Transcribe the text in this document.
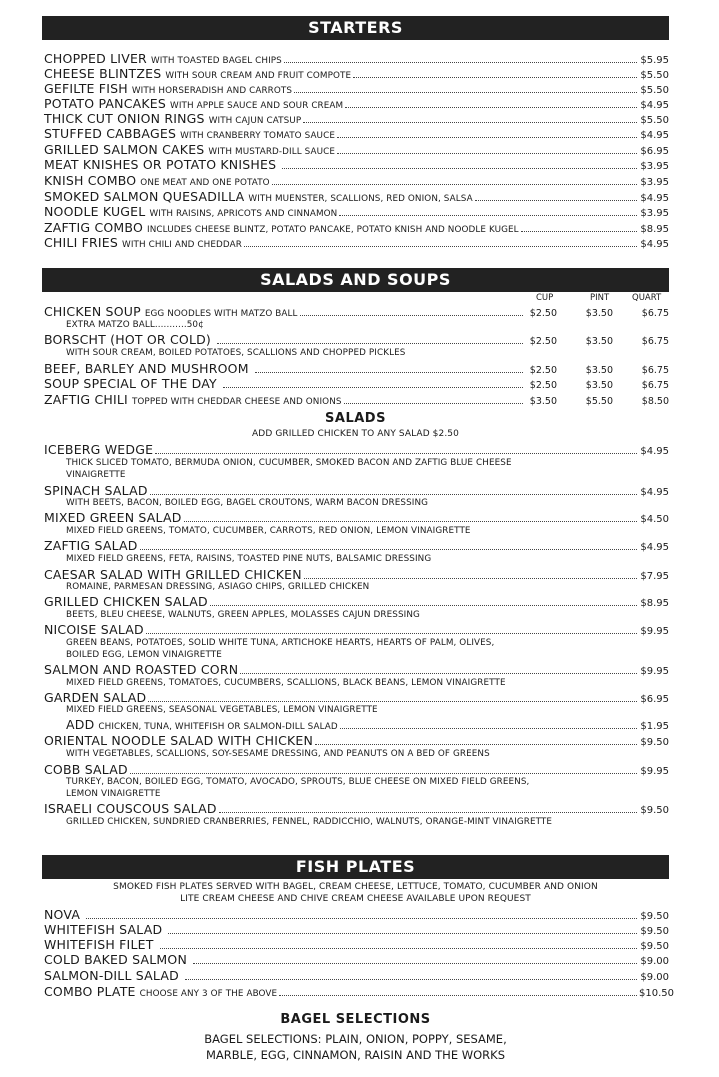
STARTERS
CHOPPED LIVER WITH TOASTED BAGEL CHIPS	$5.95
CHEESE BLINTZES WITH SOUR CREAM AND FRUIT COMPOTE	$5.50
GEFILTE FISH WITH HORSERADISH AND CARROTS	$5.50
POTATO PANCAKES WITH APPLE SAUCE AND SOUR CREAM	$4.95
THICK CUT ONION RINGS WITH CAJUN CATSUP	$5.50
STUFFED CABBAGES WITH CRANBERRY TOMATO SAUCE	$4.95
GRILLED SALMON CAKES WITH MUSTARD-DILL SAUCE	$6.95
MEAT KNISHES OR POTATO KNISHES	$3.95
KNISH COMBO ONE MEAT AND ONE POTATO	$3.95
SMOKED SALMON QUESADILLA WITH MUENSTER, SCALLIONS, RED ONION, SALSA	$4.95
NOODLE KUGEL WITH RAISINS, APRICOTS AND CINNAMON	$3.95
ZAFTIG COMBO INCLUDES CHEESE BLINTZ, POTATO PANCAKE, POTATO KNISH AND NOODLE KUGEL	$8.95
CHILI FRIES WITH CHILI AND CHEDDAR	$4.95
SALADS AND SOUPS
CUP	PINT	QUART
CHICKEN SOUP EGG NOODLES WITH MATZO BALL	$2.50	$3.50	$6.75
EXTRA MATZO BALL...........50¢
BORSCHT (HOT OR COLD)	$2.50	$3.50	$6.75
WITH SOUR CREAM, BOILED POTATOES, SCALLIONS AND CHOPPED PICKLES
BEEF, BARLEY AND MUSHROOM	$2.50	$3.50	$6.75
SOUP SPECIAL OF THE DAY	$2.50	$3.50	$6.75
ZAFTIG CHILI TOPPED WITH CHEDDAR CHEESE AND ONIONS	$3.50	$5.50	$8.50
SALADS
ADD GRILLED CHICKEN TO ANY SALAD $2.50
ICEBERG WEDGE	$4.95
THICK SLICED TOMATO, BERMUDA ONION, CUCUMBER, SMOKED BACON AND ZAFTIG BLUE CHEESE
VINAIGRETTE
SPINACH SALAD	$4.95
WITH BEETS, BACON, BOILED EGG, BAGEL CROUTONS, WARM BACON DRESSING
MIXED GREEN SALAD	$4.50
MIXED FIELD GREENS, TOMATO, CUCUMBER, CARROTS, RED ONION, LEMON VINAIGRETTE
ZAFTIG SALAD	$4.95
MIXED FIELD GREENS, FETA, RAISINS, TOASTED PINE NUTS, BALSAMIC DRESSING
CAESAR SALAD WITH GRILLED CHICKEN	$7.95
ROMAINE, PARMESAN DRESSING, ASIAGO CHIPS, GRILLED CHICKEN
GRILLED CHICKEN SALAD	$8.95
BEETS, BLEU CHEESE, WALNUTS, GREEN APPLES, MOLASSES CAJUN DRESSING
NICOISE SALAD	$9.95
GREEN BEANS, POTATOES, SOLID WHITE TUNA, ARTICHOKE HEARTS, HEARTS OF PALM, OLIVES,
BOILED EGG, LEMON VINAIGRETTE
SALMON AND ROASTED CORN	$9.95
MIXED FIELD GREENS, TOMATOES, CUCUMBERS, SCALLIONS, BLACK BEANS, LEMON VINAIGRETTE
GARDEN SALAD	$6.95
MIXED FIELD GREENS, SEASONAL VEGETABLES, LEMON VINAIGRETTE
ADD CHICKEN, TUNA, WHITEFISH OR SALMON-DILL SALAD	$1.95
ORIENTAL NOODLE SALAD WITH CHICKEN	$9.50
WITH VEGETABLES, SCALLIONS, SOY-SESAME DRESSING, AND PEANUTS ON A BED OF GREENS
COBB SALAD	$9.95
TURKEY, BACON, BOILED EGG, TOMATO, AVOCADO, SPROUTS, BLUE CHEESE ON MIXED FIELD GREENS,
LEMON VINAIGRETTE
ISRAELI COUSCOUS SALAD	$9.50
GRILLED CHICKEN, SUNDRIED CRANBERRIES, FENNEL, RADDICCHIO, WALNUTS, ORANGE-MINT VINAIGRETTE
FISH PLATES
SMOKED FISH PLATES SERVED WITH BAGEL, CREAM CHEESE, LETTUCE, TOMATO, CUCUMBER AND ONION
LITE CREAM CHEESE AND CHIVE CREAM CHEESE AVAILABLE UPON REQUEST
NOVA	$9.50
WHITEFISH SALAD	$9.50
WHITEFISH FILET	$9.50
COLD BAKED SALMON	$9.00
SALMON-DILL SALAD	$9.00
COMBO PLATE CHOOSE ANY 3 OF THE ABOVE	$10.50
BAGEL SELECTIONS
BAGEL SELECTIONS: PLAIN, ONION, POPPY, SESAME,
MARBLE, EGG, CINNAMON, RAISIN AND THE WORKS
